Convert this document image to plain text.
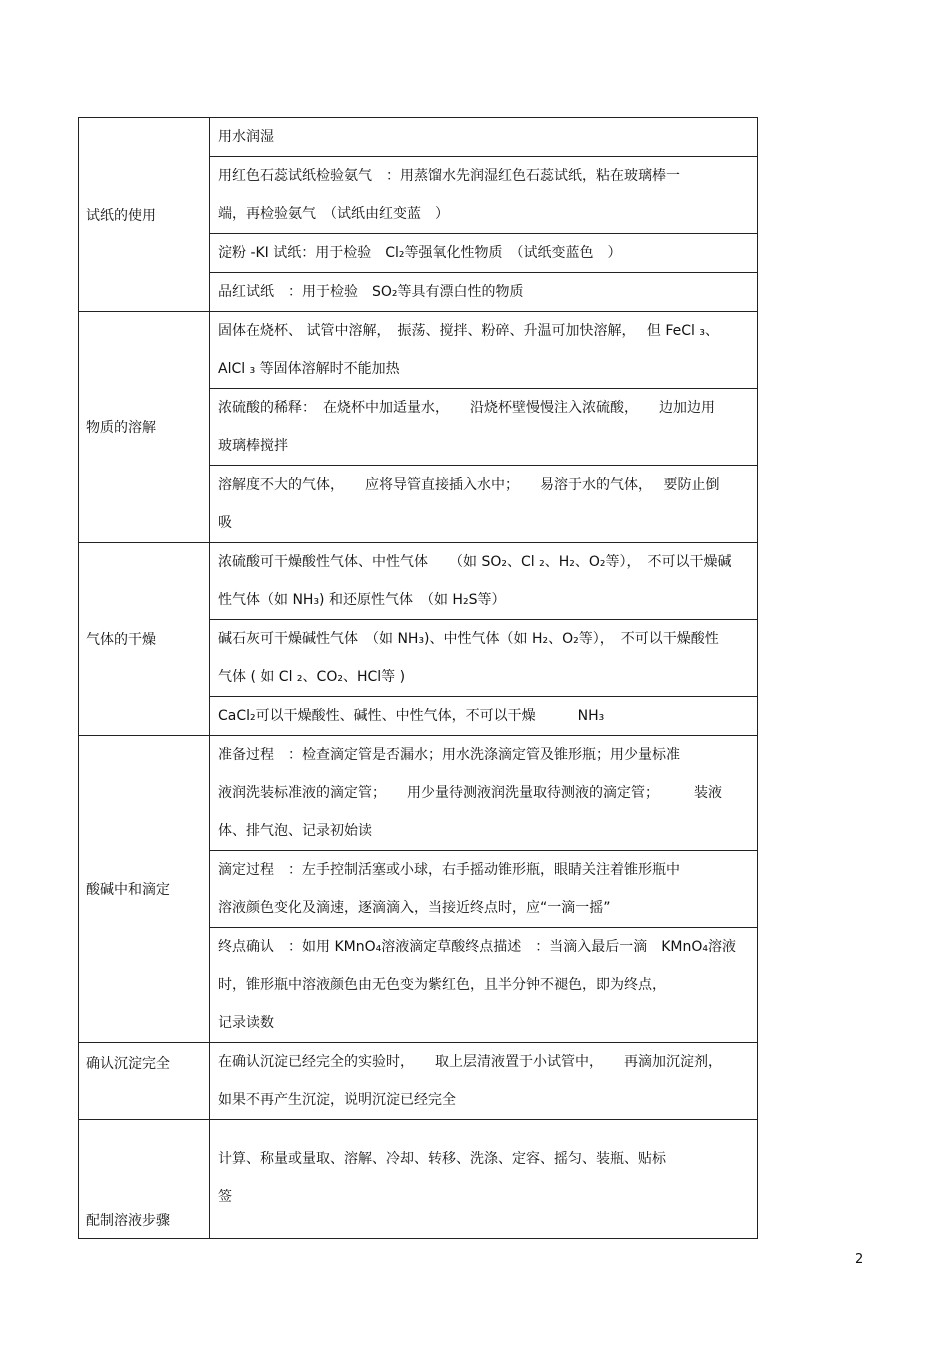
试纸的使用	用水润湿

	用红色石蕊试纸检验氨气　：用蒸馏水先润湿红色石蕊试纸，粘在玻璃棒一
端，再检验氨气　（试纸由红变蓝　）

	淀粉 -KI 试纸：用于检验　Cl₂等强氧化性物质　（试纸变蓝色　）

	品红试纸　：用于检验　SO₂等具有漂白性的物质

物质的溶解	固体在烧杯、 试管中溶解，　振荡、搅拌、粉碎、升温可加快溶解，　 但 FeCl ₃、
AlCl ₃ 等固体溶解时不能加热

	浓硫酸的稀释：　在烧杯中加适量水，　　沿烧杯壁慢慢注入浓硫酸，　　边加边用
玻璃棒搅拌

	溶解度不大的气体，　　应将导管直接插入水中；　　易溶于水的气体，　 要防止倒
吸

气体的干燥	浓硫酸可干燥酸性气体、中性气体　　（如 SO₂、Cl ₂、H₂、O₂等），　不可以干燥碱
性气体（如 NH₃) 和还原性气体　（如 H₂S等）

	碱石灰可干燥碱性气体　（如 NH₃)、中性气体（如 H₂、O₂等），　不可以干燥酸性
气体 ( 如 Cl ₂、CO₂、HCl等 )

	CaCl₂可以干燥酸性、碱性、中性气体，不可以干燥　　　NH₃

酸碱中和滴定	准备过程　：检查滴定管是否漏水；用水洗涤滴定管及锥形瓶；用少量标准
液润洗装标准液的滴定管；　　用少量待测液润洗量取待测液的滴定管；　　　装液
体、排气泡、记录初始读

	滴定过程　：左手控制活塞或小球，右手摇动锥形瓶，眼睛关注着锥形瓶中
溶液颜色变化及滴速，逐滴滴入，当接近终点时，应“一滴一摇”

	终点确认　：如用 KMnO₄溶液滴定草酸终点描述　：当滴入最后一滴　KMnO₄溶液
时，锥形瓶中溶液颜色由无色变为紫红色，且半分钟不褪色，即为终点，
记录读数

确认沉淀完全	在确认沉淀已经完全的实验时，　　取上层清液置于小试管中，　　再滴加沉淀剂，
如果不再产生沉淀，说明沉淀已经完全

配制溶液步骤	计算、称量或量取、溶解、冷却、转移、洗涤、定容、摇匀、装瓶、贴标
签
2
